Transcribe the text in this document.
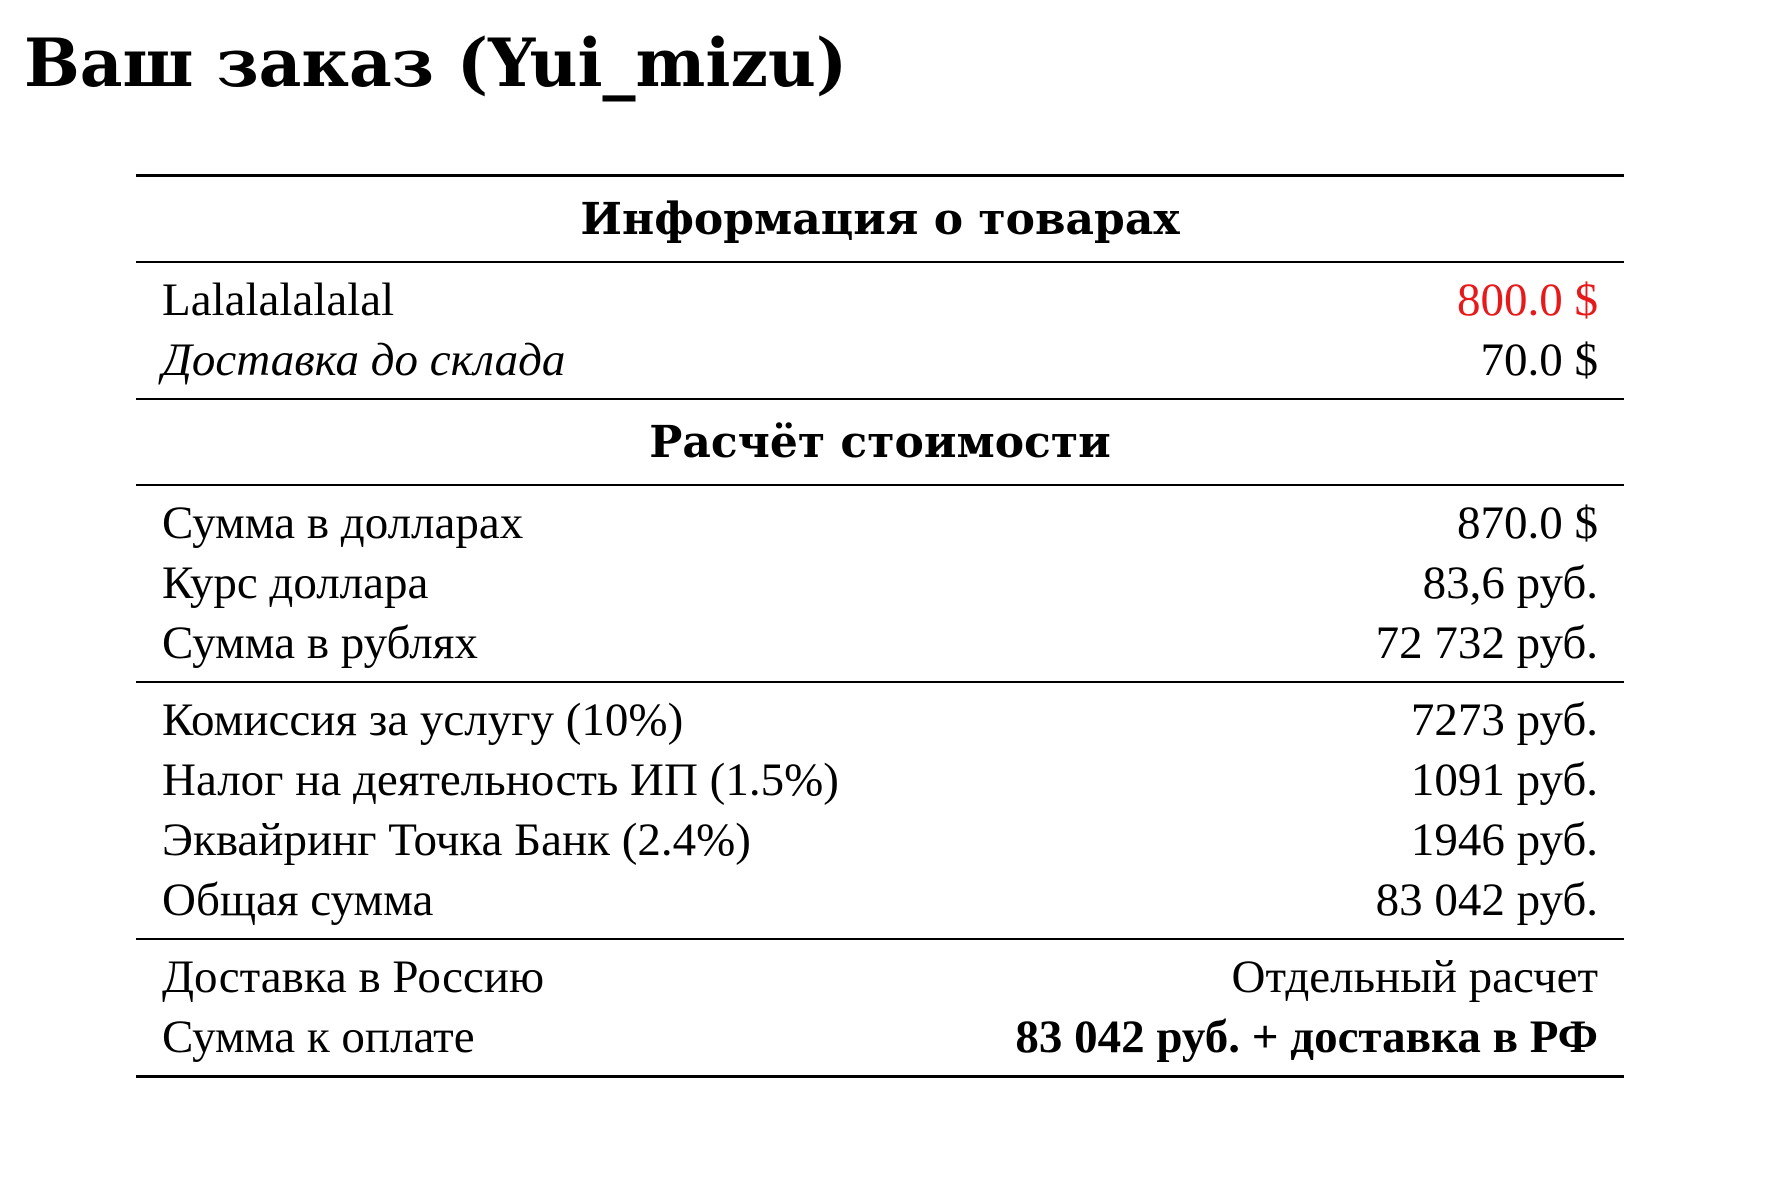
Ваш заказ (Yui_mizu)
Информация о товарах
Lalalalalalal	800.0 $
Доставка до склада	70.0 $
Расчёт стоимости
Сумма в долларах	870.0 $
Курс доллара	83,6 руб.
Сумма в рублях	72 732 руб.
Комиссия за услугу (10%)	7273 руб.
Налог на деятельность ИП (1.5%)	1091 руб.
Эквайринг Точка Банк (2.4%)	1946 руб.
Общая сумма	83 042 руб.
Доставка в Россию	Отдельный расчет
Сумма к оплате	83 042 руб. + доставка в РФ
